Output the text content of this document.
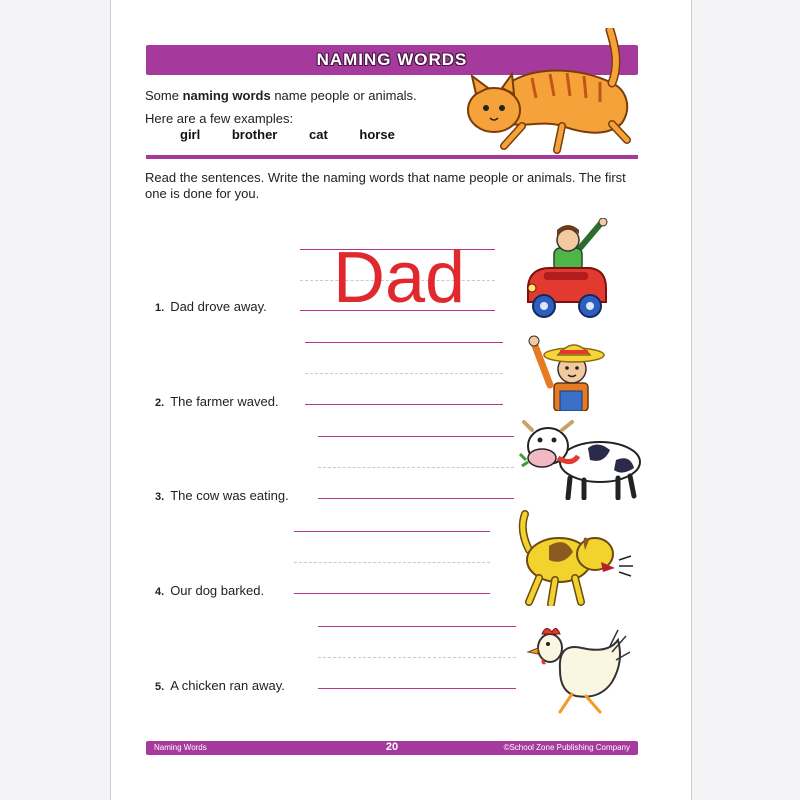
NAMING WORDS
Some naming words name people or animals.
Here are a few examples:
girl brother cat horse
Read the sentences. Write the naming words that name people or animals. The first one is done for you.
Dad
1. Dad drove away.
2. The farmer waved.
3. The cow was eating.
4. Our dog barked.
5. A chicken ran away.
Naming Words	20	©School Zone Publishing Company
